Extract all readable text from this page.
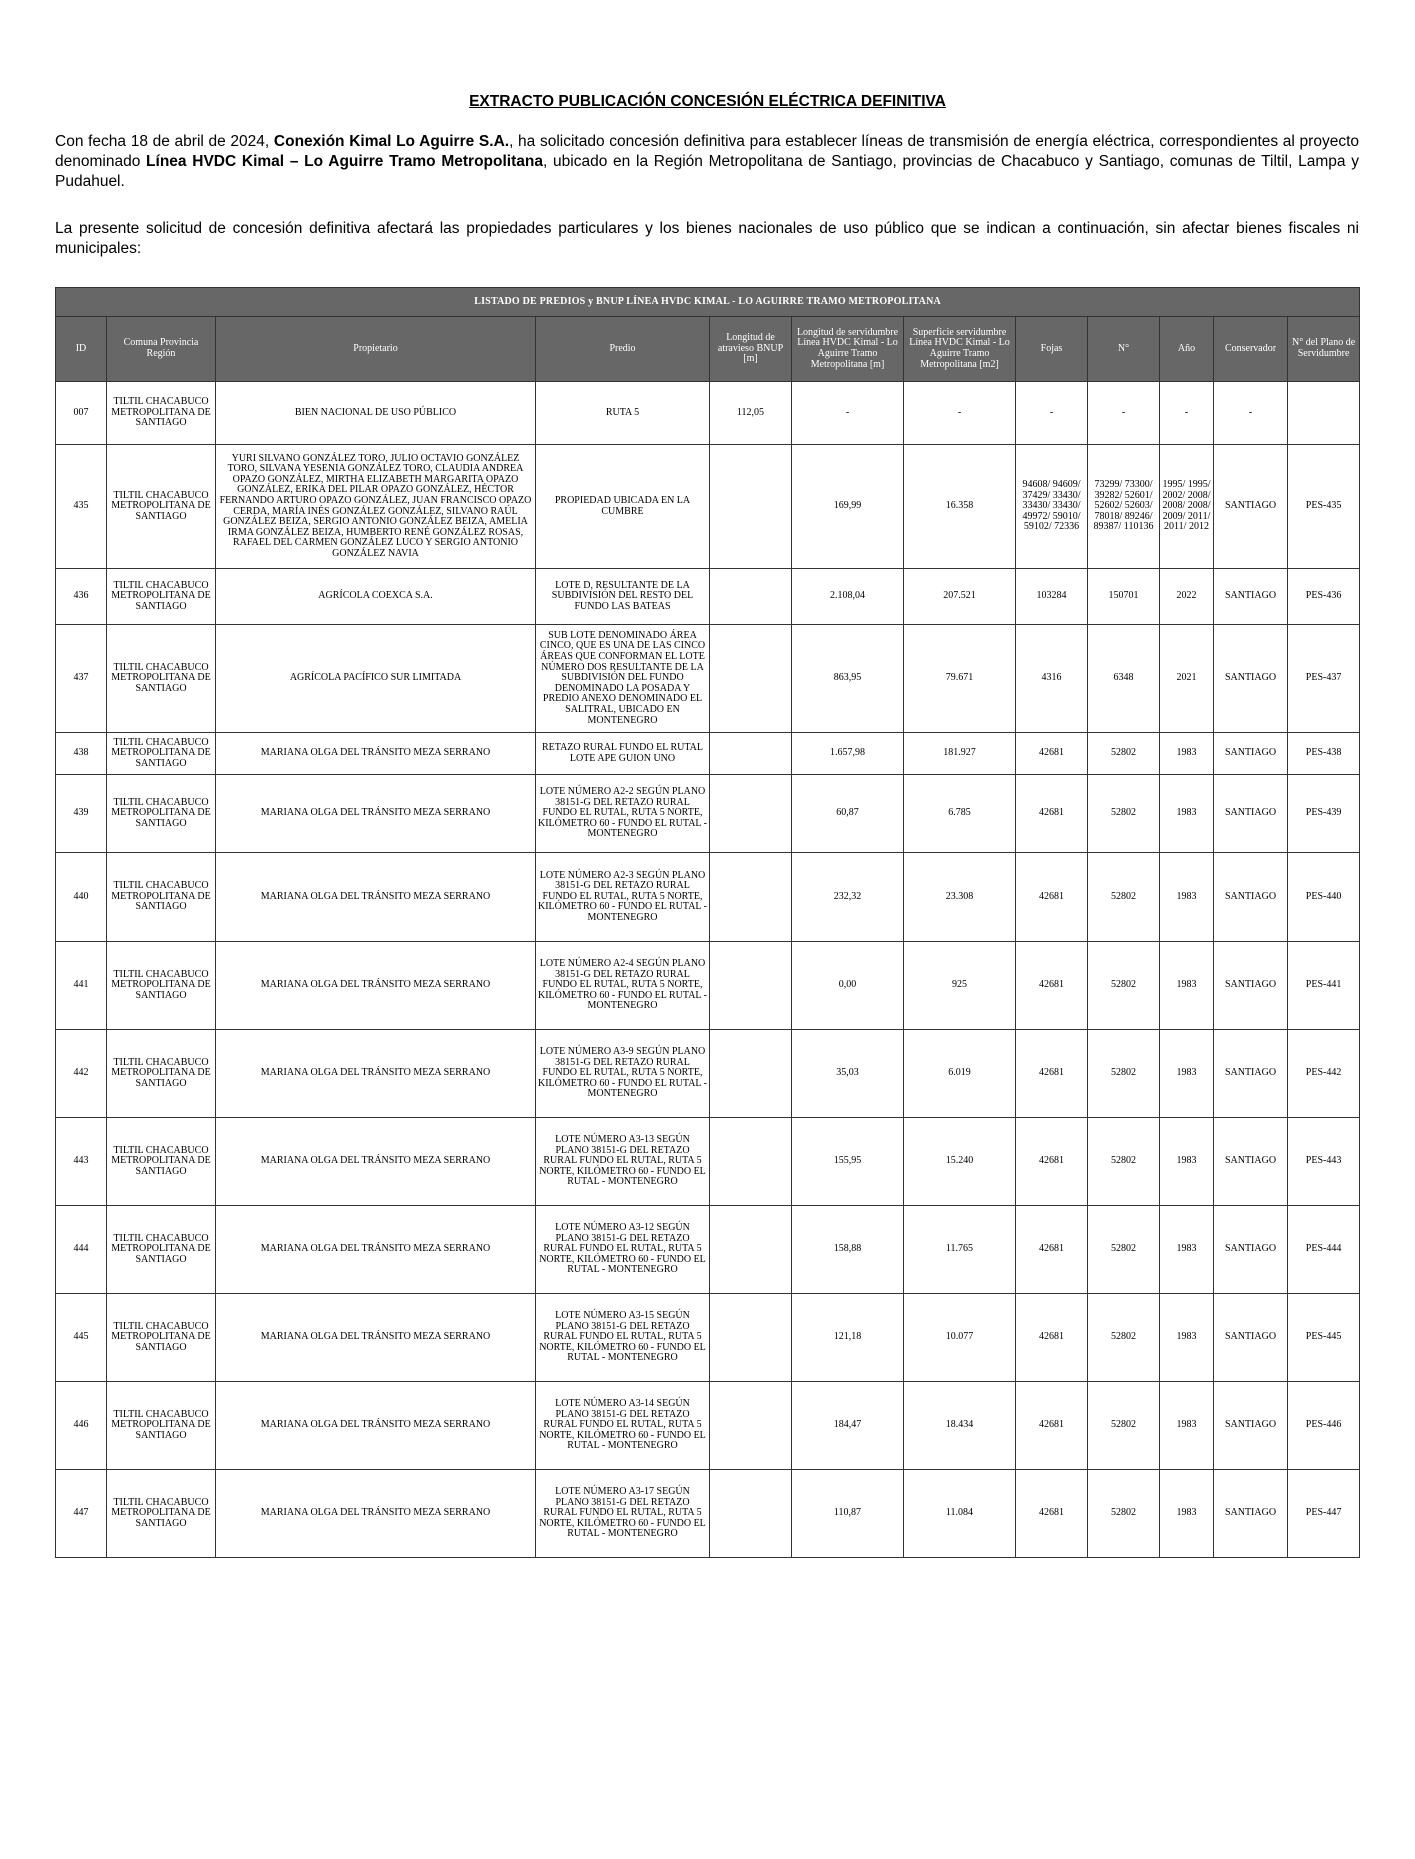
EXTRACTO PUBLICACIÓN CONCESIÓN ELÉCTRICA DEFINITIVA
Con fecha 18 de abril de 2024, Conexión Kimal Lo Aguirre S.A., ha solicitado concesión definitiva para establecer líneas de transmisión de energía eléctrica, correspondientes al proyecto denominado Línea HVDC Kimal – Lo Aguirre Tramo Metropolitana, ubicado en la Región Metropolitana de Santiago, provincias de Chacabuco y Santiago, comunas de Tiltil, Lampa y Pudahuel.
La presente solicitud de concesión definitiva afectará las propiedades particulares y los bienes nacionales de uso público que se indican a continuación, sin afectar bienes fiscales ni municipales:
LISTADO DE PREDIOS y BNUP LÍNEA HVDC KIMAL - LO AGUIRRE TRAMO METROPOLITANA											
ID	Comuna Provincia Región	Propietario	Predio	Longitud de atravieso BNUP [m]	Longitud de servidumbre Línea HVDC Kimal - Lo Aguirre Tramo Metropolitana [m]	Superficie servidumbre Línea HVDC Kimal - Lo Aguirre Tramo Metropolitana [m2]	Fojas	N°	Año	Conservador	N° del Plano de Servidumbre
007	TILTIL CHACABUCO METROPOLITANA DE SANTIAGO	BIEN NACIONAL DE USO PÚBLICO	RUTA 5	112,05	-	-	-	-	-	-	
435	TILTIL CHACABUCO METROPOLITANA DE SANTIAGO	YURI SILVANO GONZÁLEZ TORO, JULIO OCTAVIO GONZÁLEZ TORO, SILVANA YESENIA GONZÁLEZ TORO, CLAUDIA ANDREA OPAZO GONZÁLEZ, MIRTHA ELIZABETH MARGARITA OPAZO GONZÁLEZ, ERIKA DEL PILAR OPAZO GONZÁLEZ, HÉCTOR FERNANDO ARTURO OPAZO GONZÁLEZ, JUAN FRANCISCO OPAZO CERDA, MARÍA INÉS GONZÁLEZ GONZÁLEZ, SILVANO RAÚL GONZÁLEZ BEIZA, SERGIO ANTONIO GONZÁLEZ BEIZA, AMELIA IRMA GONZÁLEZ BEIZA, HUMBERTO RENÉ GONZÁLEZ ROSAS, RAFAEL DEL CARMEN GONZÁLEZ LUCO Y SERGIO ANTONIO GONZÁLEZ NAVIA	PROPIEDAD UBICADA EN LA CUMBRE		169,99	16.358	94608/ 94609/ 37429/ 33430/ 33430/ 33430/ 49972/ 59010/ 59102/ 72336	73299/ 73300/ 39282/ 52601/ 52602/ 52603/ 78018/ 89246/ 89387/ 110136	1995/ 1995/ 2002/ 2008/ 2008/ 2008/ 2009/ 2011/ 2011/ 2012	SANTIAGO	PES-435
436	TILTIL CHACABUCO METROPOLITANA DE SANTIAGO	AGRÍCOLA COEXCA S.A.	LOTE D, RESULTANTE DE LA SUBDIVISIÓN DEL RESTO DEL FUNDO LAS BATEAS		2.108,04	207.521	103284	150701	2022	SANTIAGO	PES-436
437	TILTIL CHACABUCO METROPOLITANA DE SANTIAGO	AGRÍCOLA PACÍFICO SUR LIMITADA	SUB LOTE DENOMINADO ÁREA CINCO, QUE ES UNA DE LAS CINCO ÁREAS QUE CONFORMAN EL LOTE NÚMERO DOS RESULTANTE DE LA SUBDIVISIÓN DEL FUNDO DENOMINADO LA POSADA Y PREDIO ANEXO DENOMINADO EL SALITRAL, UBICADO EN MONTENEGRO		863,95	79.671	4316	6348	2021	SANTIAGO	PES-437
438	TILTIL CHACABUCO METROPOLITANA DE SANTIAGO	MARIANA OLGA DEL TRÁNSITO MEZA SERRANO	RETAZO RURAL FUNDO EL RUTAL LOTE APE GUION UNO		1.657,98	181.927	42681	52802	1983	SANTIAGO	PES-438
439	TILTIL CHACABUCO METROPOLITANA DE SANTIAGO	MARIANA OLGA DEL TRÁNSITO MEZA SERRANO	LOTE NÚMERO A2-2 SEGÚN PLANO 38151-G DEL RETAZO RURAL FUNDO EL RUTAL, RUTA 5 NORTE, KILÓMETRO 60 - FUNDO EL RUTAL - MONTENEGRO		60,87	6.785	42681	52802	1983	SANTIAGO	PES-439
440	TILTIL CHACABUCO METROPOLITANA DE SANTIAGO	MARIANA OLGA DEL TRÁNSITO MEZA SERRANO	LOTE NÚMERO A2-3 SEGÚN PLANO 38151-G DEL RETAZO RURAL FUNDO EL RUTAL, RUTA 5 NORTE, KILÓMETRO 60 - FUNDO EL RUTAL - MONTENEGRO		232,32	23.308	42681	52802	1983	SANTIAGO	PES-440
441	TILTIL CHACABUCO METROPOLITANA DE SANTIAGO	MARIANA OLGA DEL TRÁNSITO MEZA SERRANO	LOTE NÚMERO A2-4 SEGÚN PLANO 38151-G DEL RETAZO RURAL FUNDO EL RUTAL, RUTA 5 NORTE, KILÓMETRO 60 - FUNDO EL RUTAL - MONTENEGRO		0,00	925	42681	52802	1983	SANTIAGO	PES-441
442	TILTIL CHACABUCO METROPOLITANA DE SANTIAGO	MARIANA OLGA DEL TRÁNSITO MEZA SERRANO	LOTE NÚMERO A3-9 SEGÚN PLANO 38151-G DEL RETAZO RURAL FUNDO EL RUTAL, RUTA 5 NORTE, KILÓMETRO 60 - FUNDO EL RUTAL - MONTENEGRO		35,03	6.019	42681	52802	1983	SANTIAGO	PES-442
443	TILTIL CHACABUCO METROPOLITANA DE SANTIAGO	MARIANA OLGA DEL TRÁNSITO MEZA SERRANO	LOTE NÚMERO A3-13 SEGÚN PLANO 38151-G DEL RETAZO RURAL FUNDO EL RUTAL, RUTA 5 NORTE, KILÓMETRO 60 - FUNDO EL RUTAL - MONTENEGRO		155,95	15.240	42681	52802	1983	SANTIAGO	PES-443
444	TILTIL CHACABUCO METROPOLITANA DE SANTIAGO	MARIANA OLGA DEL TRÁNSITO MEZA SERRANO	LOTE NÚMERO A3-12 SEGÚN PLANO 38151-G DEL RETAZO RURAL FUNDO EL RUTAL, RUTA 5 NORTE, KILÓMETRO 60 - FUNDO EL RUTAL - MONTENEGRO		158,88	11.765	42681	52802	1983	SANTIAGO	PES-444
445	TILTIL CHACABUCO METROPOLITANA DE SANTIAGO	MARIANA OLGA DEL TRÁNSITO MEZA SERRANO	LOTE NÚMERO A3-15 SEGÚN PLANO 38151-G DEL RETAZO RURAL FUNDO EL RUTAL, RUTA 5 NORTE, KILÓMETRO 60 - FUNDO EL RUTAL - MONTENEGRO		121,18	10.077	42681	52802	1983	SANTIAGO	PES-445
446	TILTIL CHACABUCO METROPOLITANA DE SANTIAGO	MARIANA OLGA DEL TRÁNSITO MEZA SERRANO	LOTE NÚMERO A3-14 SEGÚN PLANO 38151-G DEL RETAZO RURAL FUNDO EL RUTAL, RUTA 5 NORTE, KILÓMETRO 60 - FUNDO EL RUTAL - MONTENEGRO		184,47	18.434	42681	52802	1983	SANTIAGO	PES-446
447	TILTIL CHACABUCO METROPOLITANA DE SANTIAGO	MARIANA OLGA DEL TRÁNSITO MEZA SERRANO	LOTE NÚMERO A3-17 SEGÚN PLANO 38151-G DEL RETAZO RURAL FUNDO EL RUTAL, RUTA 5 NORTE, KILÓMETRO 60 - FUNDO EL RUTAL - MONTENEGRO		110,87	11.084	42681	52802	1983	SANTIAGO	PES-447
